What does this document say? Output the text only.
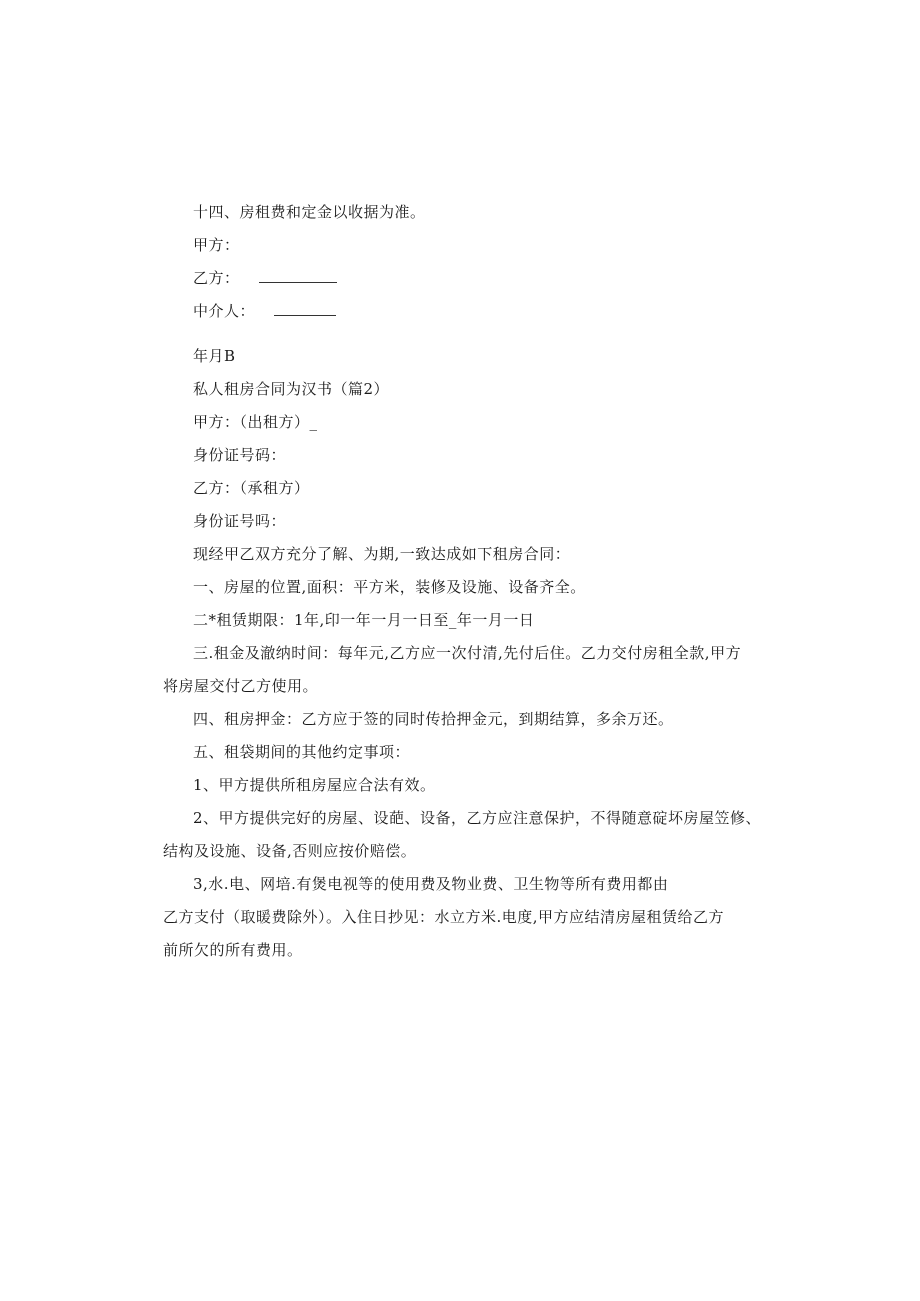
十四、房租费和定金以收据为准。
甲方：
乙方：
中介人：
年月B
私人租房合同为汉书（篇2）
甲方：（出租方）_
身份证号码：
乙方：（承租方）
身份证号吗：
现经甲乙双方充分了解、为期,一致达成如下租房合同：
一、房屋的位置,面积：平方米，装修及设施、设备齐全。
二*租赁期限：1年,印一年一月一日至_年一月一日
三.租金及澈纳时间：每年元,乙方应一次付清,先付后住。乙力交付房租全款,甲方
将房屋交付乙方使用。
四、租房押金：乙方应于签的同时传拾押金元，到期结算，多余万还。
五、租袋期间的其他约定事项：
1、甲方提供所租房屋应合法有效。
2、甲方提供完好的房屋、设葩、设备，乙方应注意保护，不得随意碇坏房屋笠修、
结构及设施、设备,否则应按价赔偿。
3,水.电、网培.有煲电视等的使用费及物业费、卫生物等所有费用都由
乙方支付（取暖费除外）。入住日抄见：水立方米.电度,甲方应结清房屋租赁给乙方
前所欠的所有费用。
